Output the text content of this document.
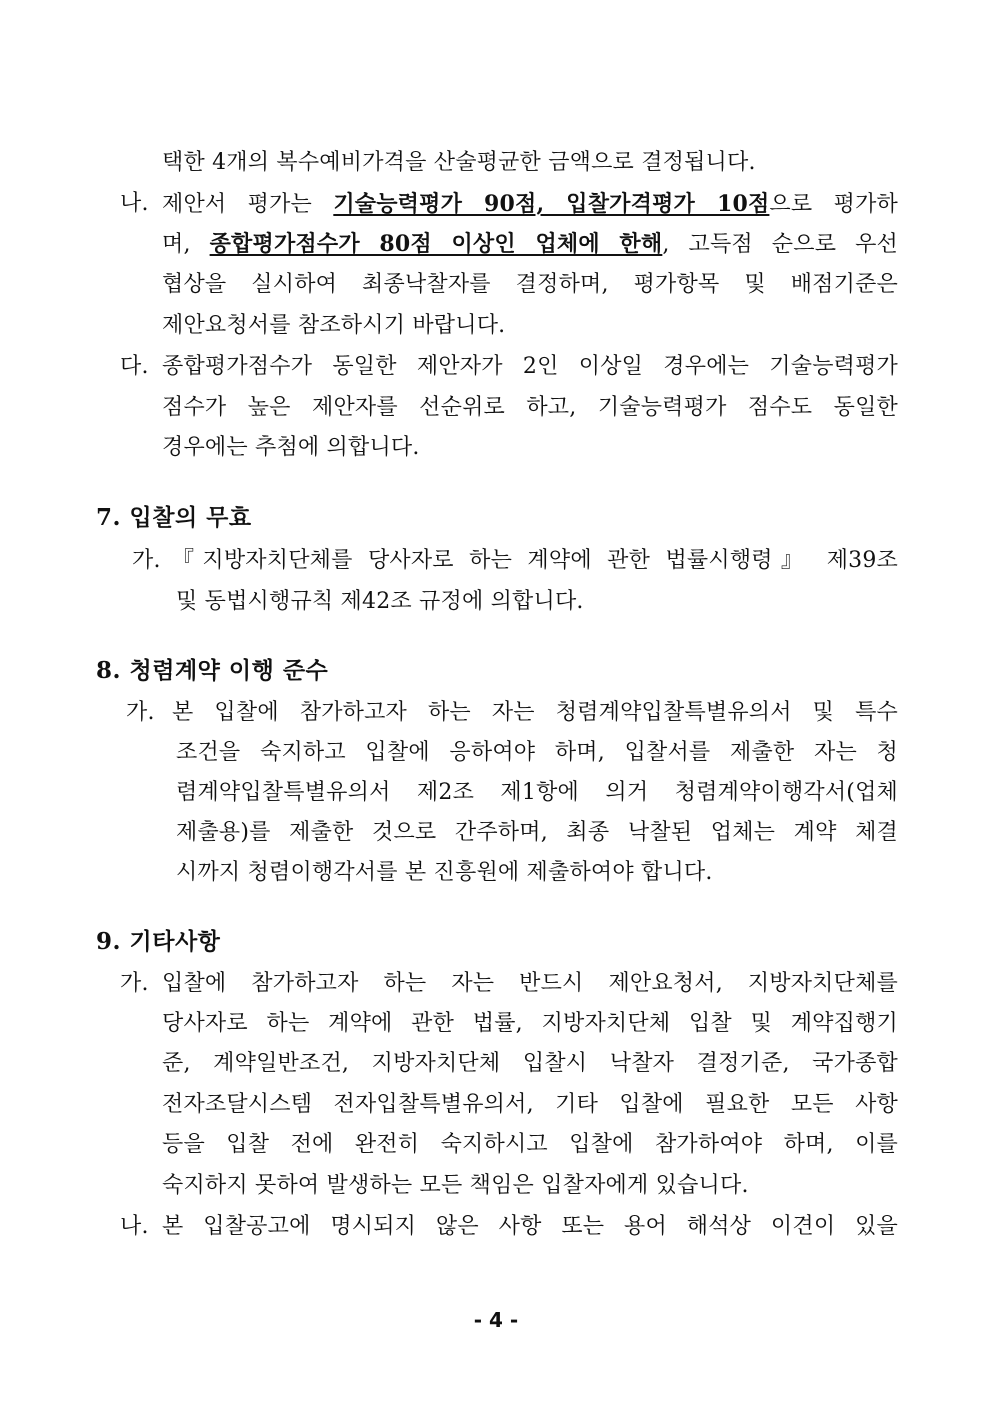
택한 4개의 복수예비가격을 산술평균한 금액으로 결정됩니다.
나. 제안서 평가는 기술능력평가 90점, 입찰가격평가 10점으로 평가하
며, 종합평가점수가 80점 이상인 업체에 한해, 고득점 순으로 우선
협상을 실시하여 최종낙찰자를 결정하며, 평가항목 및 배점기준은
제안요청서를 참조하시기 바랍니다.
다. 종합평가점수가 동일한 제안자가 2인 이상일 경우에는 기술능력평가
점수가 높은 제안자를 선순위로 하고, 기술능력평가 점수도 동일한
경우에는 추첨에 의합니다.
7. 입찰의 무효
가. 『지방자치단체를 당사자로 하는 계약에 관한 법률시행령』 제39조
및 동법시행규칙 제42조 규정에 의합니다.
8. 청렴계약 이행 준수
가. 본 입찰에 참가하고자 하는 자는 청렴계약입찰특별유의서 및 특수
조건을 숙지하고 입찰에 응하여야 하며, 입찰서를 제출한 자는 청
렴계약입찰특별유의서 제2조 제1항에 의거 청렴계약이행각서(업체
제출용)를 제출한 것으로 간주하며, 최종 낙찰된 업체는 계약 체결
시까지 청렴이행각서를 본 진흥원에 제출하여야 합니다.
9. 기타사항
가. 입찰에 참가하고자 하는 자는 반드시 제안요청서, 지방자치단체를
당사자로 하는 계약에 관한 법률, 지방자치단체 입찰 및 계약집행기
준, 계약일반조건, 지방자치단체 입찰시 낙찰자 결정기준, 국가종합
전자조달시스템 전자입찰특별유의서, 기타 입찰에 필요한 모든 사항
등을 입찰 전에 완전히 숙지하시고 입찰에 참가하여야 하며, 이를
숙지하지 못하여 발생하는 모든 책임은 입찰자에게 있습니다.
나. 본 입찰공고에 명시되지 않은 사항 또는 용어 해석상 이견이 있을
- 4 -
